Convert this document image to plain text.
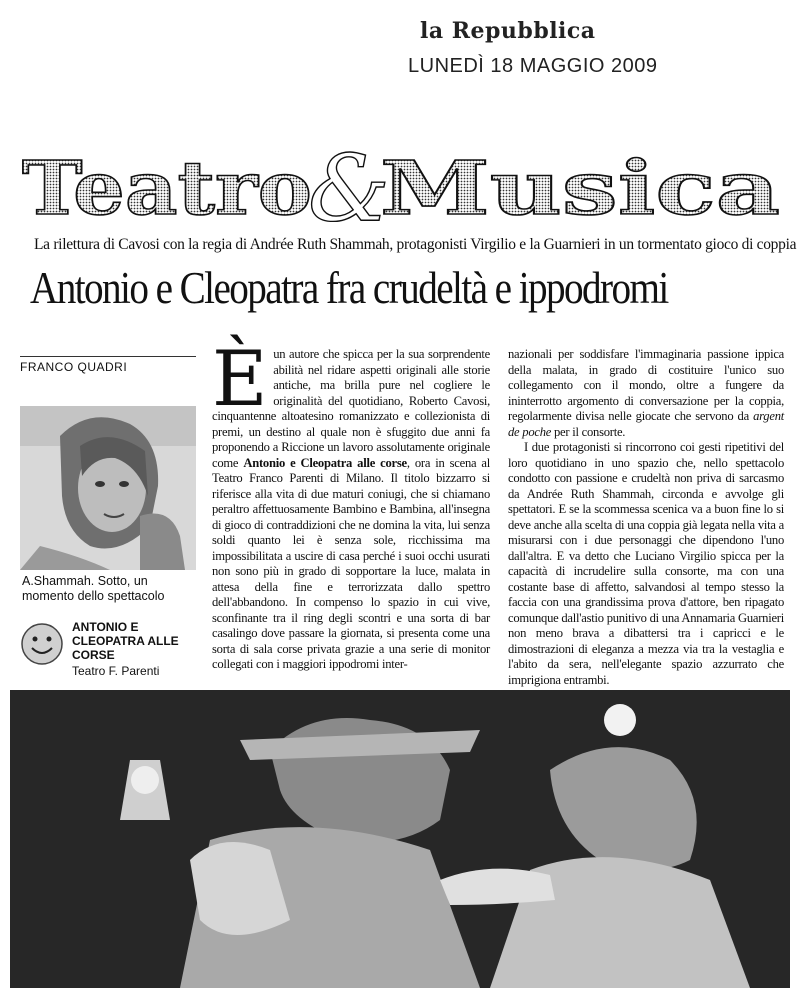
la Repubblica
LUNEDÌ 18 MAGGIO 2009
Teatro
&
Musica
La rilettura di Cavosi con la regia di Andrée Ruth Shammah, protagonisti Virgilio e la Guarnieri in un tormentato gioco di coppia
Antonio e Cleopatra fra crudeltà e ippodromi
FRANCO QUADRI
A.Shammah. Sotto, un momento dello spettacolo
ANTONIO E CLEOPATRA ALLE CORSE
Teatro F. Parenti
È un autore che spicca per la sua sorprendente abilità nel ridare aspetti originali alle storie antiche, ma brilla pure nel cogliere le originalità del quotidiano, Roberto Cavosi, cinquantenne altoatesino romanizzato e collezionista di premi, un destino al quale non è sfuggito due anni fa proponendo a Riccione un lavoro assolutamente originale come Antonio e Cleopatra alle corse, ora in scena al Teatro Franco Parenti di Milano. Il titolo bizzarro si riferisce alla vita di due maturi coniugi, che si chiamano peraltro affettuosamente Bambino e Bambina, all'insegna di gioco di contraddizioni che ne domina la vita, lui senza soldi quanto lei è senza sole, ricchissima ma impossibilitata a uscire di casa perché i suoi occhi usurati non sono più in grado di sopportare la luce, malata in attesa della fine e terrorizzata dallo spettro dell'abbandono. In compenso lo spazio in cui vive, sconfinante tra il ring degli scontri e una sorta di bar casalingo dove passare la giornata, si presenta come una sorta di sala corse privata grazie a una serie di monitor collegati con i maggiori ippodromi inter-

nazionali per soddisfare l'immaginaria passione ippica della malata, in grado di costituire l'unico suo collegamento con il mondo, oltre a fungere da ininterrotto argomento di conversazione per la coppia, regolarmente divisa nelle giocate che servono da argent de poche per il consorte.

I due protagonisti si rincorrono coi gesti ripetitivi del loro quotidiano in uno spazio che, nello spettacolo condotto con passione e crudeltà non priva di sarcasmo da Andrée Ruth Shammah, circonda e avvolge gli spettatori. E se la scommessa scenica va a buon fine lo si deve anche alla scelta di una coppia già legata nella vita a misurarsi con i due personaggi che dipendono l'uno dall'altra. E va detto che Luciano Virgilio spicca per la capacità di incrudelire sulla consorte, ma con una costante base di affetto, salvandosi al tempo stesso la faccia con una grandissima prova d'attore, ben ripagato comunque dall'astio punitivo di una Annamaria Guarnieri non meno brava a dibattersi tra i capricci e le dimostrazioni di eleganza a mezza via tra la vestaglia e l'abito da sera, nell'elegante spazio azzurrato che imprigiona entrambi.
